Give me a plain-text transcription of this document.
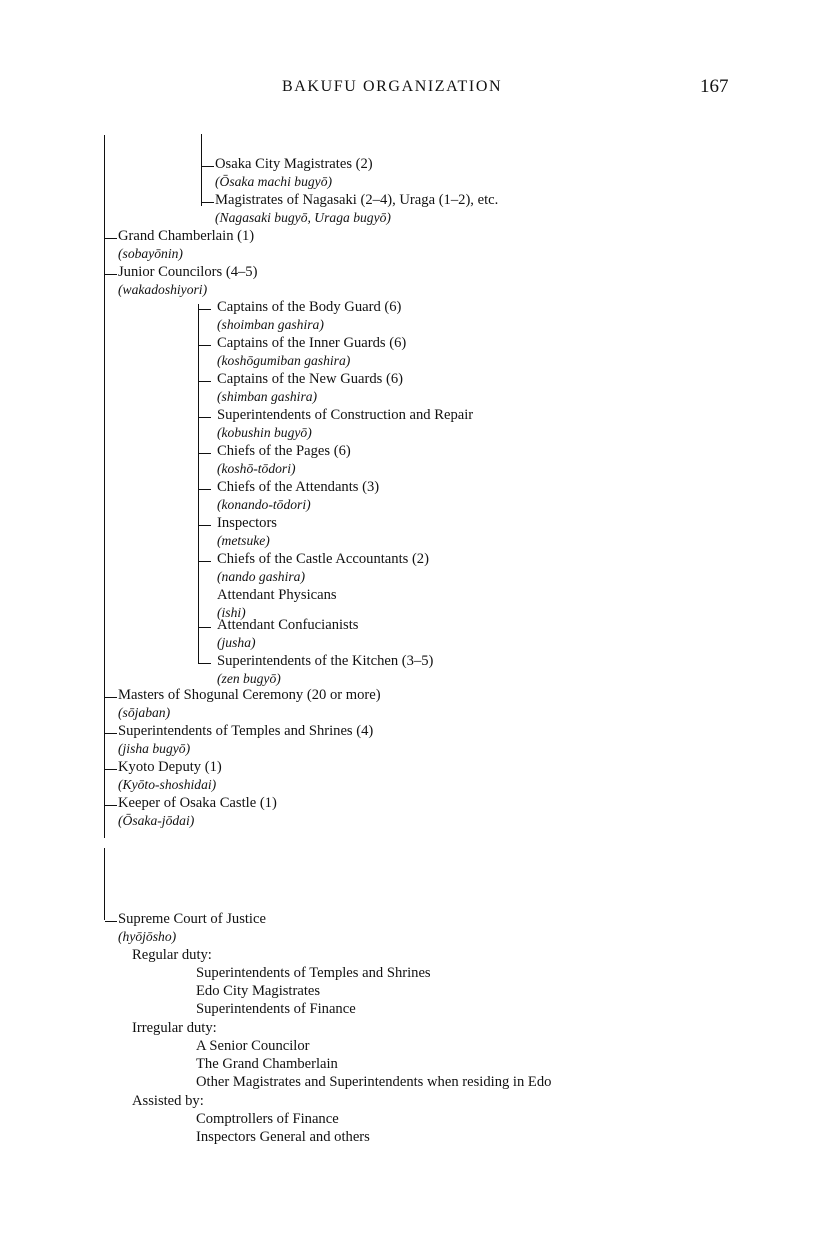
BAKUFU ORGANIZATION	167
Osaka City Magistrates (2)
(Ōsaka machi bugyō)
Magistrates of Nagasaki (2–4), Uraga (1–2), etc.
(Nagasaki bugyō, Uraga bugyō)
Grand Chamberlain (1)
(sobayōnin)
Junior Councilors (4–5)
(wakadoshiyori)
Captains of the Body Guard (6)
(shoimban gashira)
Captains of the Inner Guards (6)
(koshōgumiban gashira)
Captains of the New Guards (6)
(shimban gashira)
Superintendents of Construction and Repair
(kobushin bugyō)
Chiefs of the Pages (6)
(koshō-tōdori)
Chiefs of the Attendants (3)
(konando-tōdori)
Inspectors
(metsuke)
Chiefs of the Castle Accountants (2)
(nando gashira)
Attendant Physicans
(ishi)
Attendant Confucianists
(jusha)
Superintendents of the Kitchen (3–5)
(zen bugyō)
Masters of Shogunal Ceremony (20 or more)
(sōjaban)
Superintendents of Temples and Shrines (4)
(jisha bugyō)
Kyoto Deputy (1)
(Kyōto-shoshidai)
Keeper of Osaka Castle (1)
(Ōsaka-jōdai)
Supreme Court of Justice
(hyōjōsho)
Regular duty:
Superintendents of Temples and Shrines
Edo City Magistrates
Superintendents of Finance
Irregular duty:
A Senior Councilor
The Grand Chamberlain
Other Magistrates and Superintendents when residing in Edo
Assisted by:
Comptrollers of Finance
Inspectors General and others
